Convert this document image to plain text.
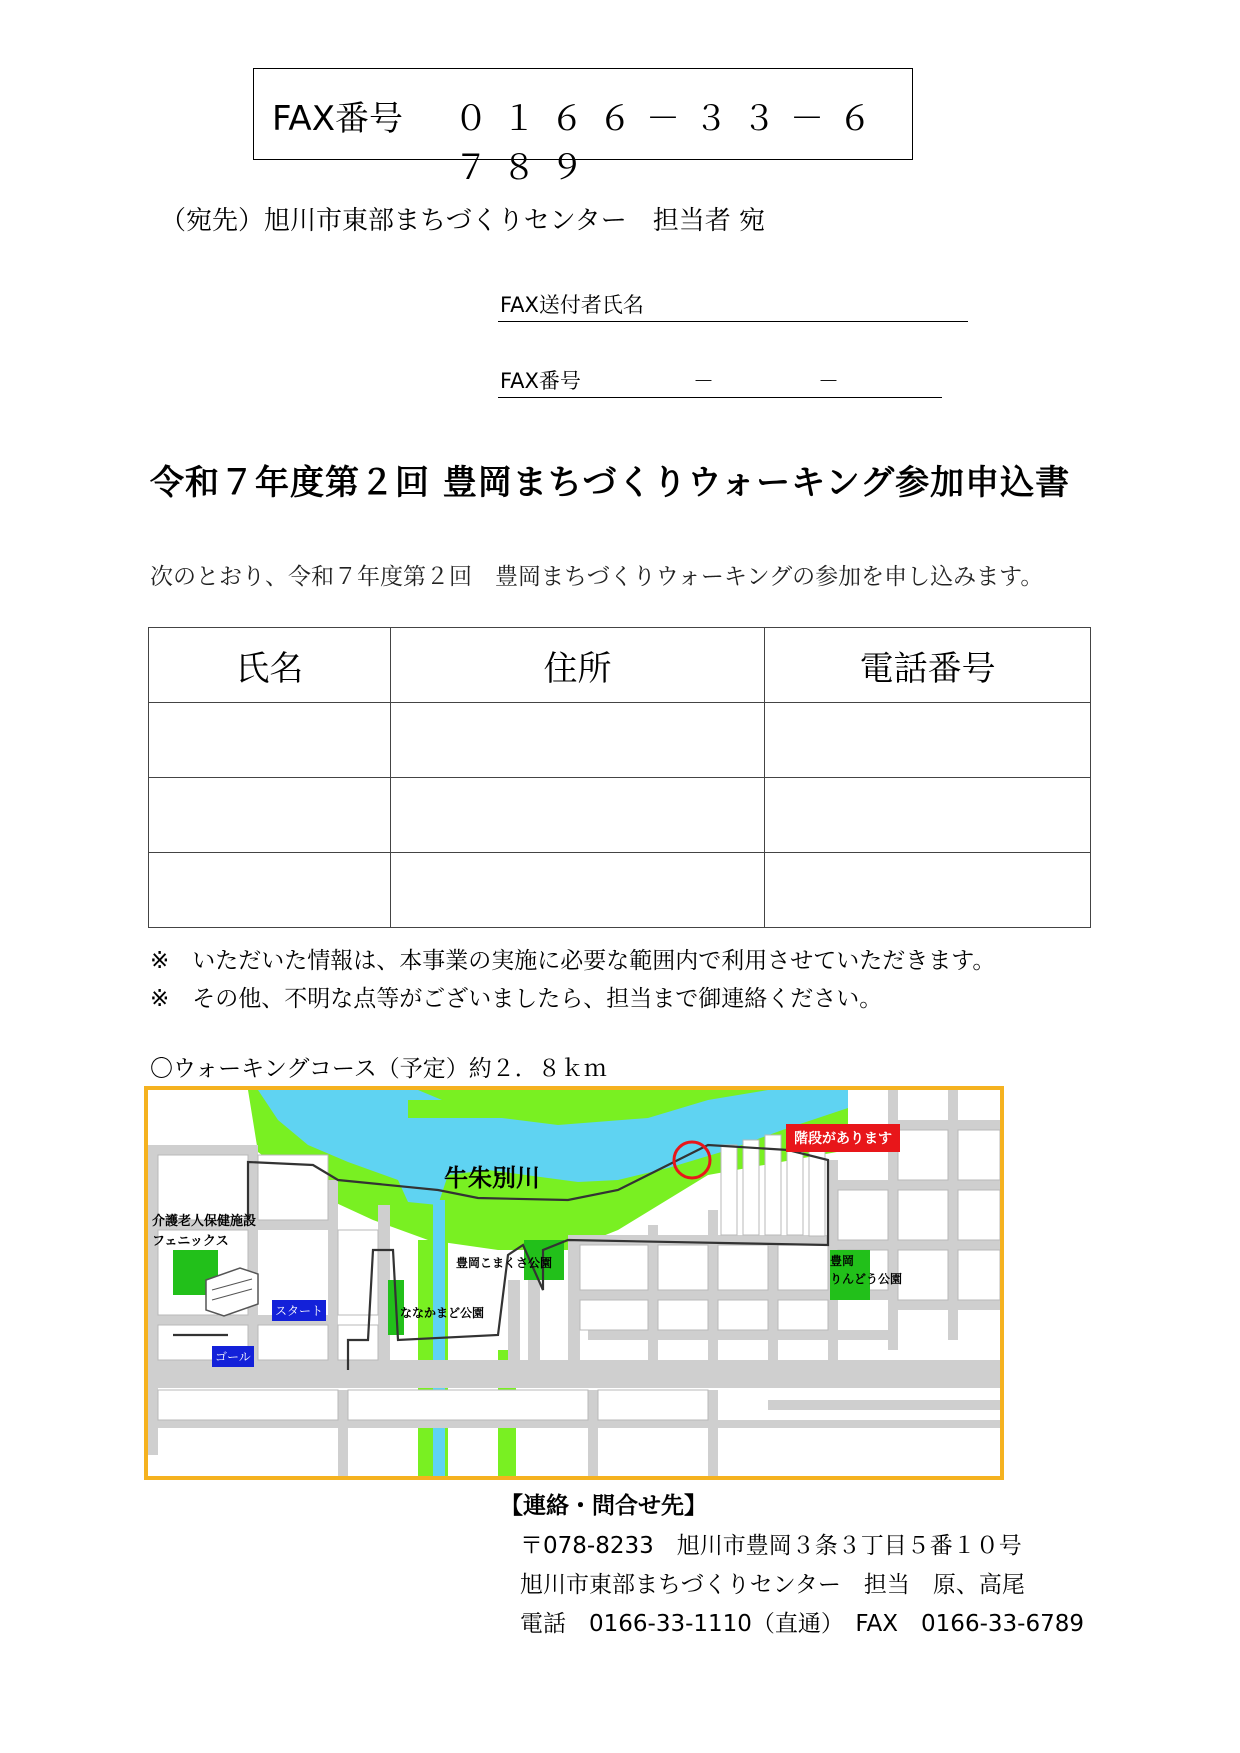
FAX番号 ０１６６－３３－６７８９
（宛先）旭川市東部まちづくりセンター　担当者 宛
FAX送付者氏名
FAX番号	－	－
令和７年度第２回 豊岡まちづくりウォーキング参加申込書
次のとおり、令和７年度第２回　豊岡まちづくりウォーキングの参加を申し込みます。
氏名	住所	電話番号

※　いただいた情報は、本事業の実施に必要な範囲内で利用させていただきます。
※　その他、不明な点等がございましたら、担当まで御連絡ください。
〇ウォーキングコース（予定）約２．８ｋｍ
牛朱別川
階段があります
介護老人保健施設
フェニックス
スタート
ゴール
豊岡こまくさ公園
ななかまど公園
豊岡
りんどう公園
【連絡・問合せ先】
〒078-8233　旭川市豊岡３条３丁目５番１０号
旭川市東部まちづくりセンター　担当　原、高尾
電話　0166-33-1110（直通）　FAX　0166-33-6789
